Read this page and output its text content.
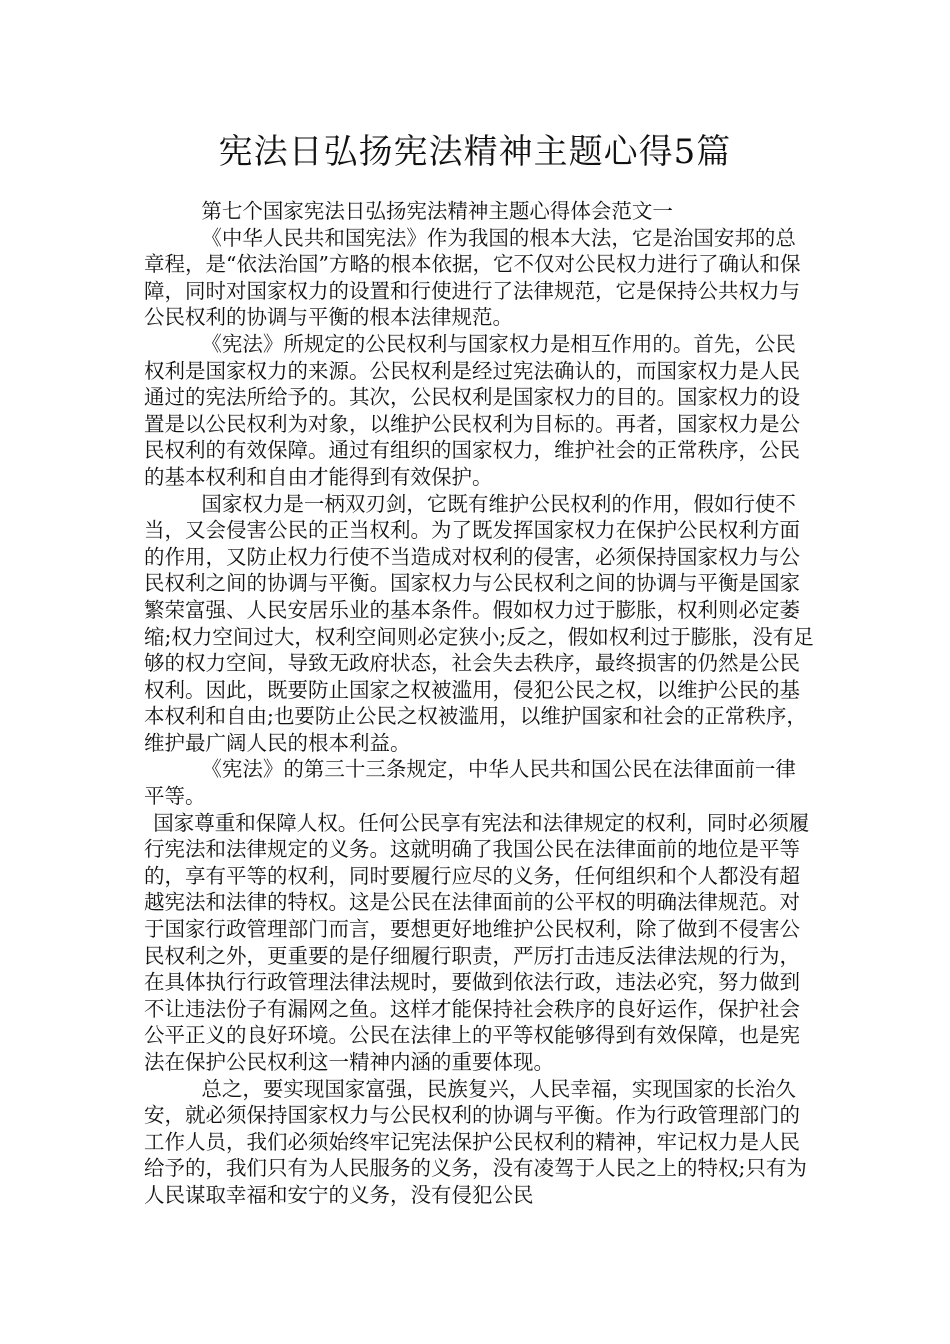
宪法日弘扬宪法精神主题心得5篇

第七个国家宪法日弘扬宪法精神主题心得体会范文一

《中华人民共和国宪法》作为我国的根本大法，它是治国安邦的总章程，是“依法治国”方略的根本依据，它不仅对公民权力进行了确认和保障，同时对国家权力的设置和行使进行了法律规范，它是保持公共权力与公民权利的协调与平衡的根本法律规范。

《宪法》所规定的公民权利与国家权力是相互作用的。首先，公民权利是国家权力的来源。公民权利是经过宪法确认的，而国家权力是人民通过的宪法所给予的。其次，公民权利是国家权力的目的。国家权力的设置是以公民权利为对象，以维护公民权利为目标的。再者，国家权力是公民权利的有效保障。通过有组织的国家权力，维护社会的正常秩序，公民的基本权利和自由才能得到有效保护。

国家权力是一柄双刃剑，它既有维护公民权利的作用，假如行使不当，又会侵害公民的正当权利。为了既发挥国家权力在保护公民权利方面的作用，又防止权力行使不当造成对权利的侵害，必须保持国家权力与公民权利之间的协调与平衡。国家权力与公民权利之间的协调与平衡是国家繁荣富强、人民安居乐业的基本条件。假如权力过于膨胀，权利则必定萎缩;权力空间过大，权利空间则必定狭小;反之，假如权利过于膨胀，没有足够的权力空间，导致无政府状态，社会失去秩序，最终损害的仍然是公民权利。因此，既要防止国家之权被滥用，侵犯公民之权，以维护公民的基本权利和自由;也要防止公民之权被滥用，以维护国家和社会的正常秩序，维护最广阔人民的根本利益。

《宪法》的第三十三条规定，中华人民共和国公民在法律面前一律平等。

国家尊重和保障人权。任何公民享有宪法和法律规定的权利，同时必须履行宪法和法律规定的义务。这就明确了我国公民在法律面前的地位是平等的，享有平等的权利，同时要履行应尽的义务，任何组织和个人都没有超越宪法和法律的特权。这是公民在法律面前的公平权的明确法律规范。对于国家行政管理部门而言，要想更好地维护公民权利，除了做到不侵害公民权利之外，更重要的是仔细履行职责，严厉打击违反法律法规的行为，在具体执行行政管理法律法规时，要做到依法行政，违法必究，努力做到不让违法份子有漏网之鱼。这样才能保持社会秩序的良好运作，保护社会公平正义的良好环境。公民在法律上的平等权能够得到有效保障，也是宪法在保护公民权利这一精神内涵的重要体现。

总之，要实现国家富强，民族复兴，人民幸福，实现国家的长治久安，就必须保持国家权力与公民权利的协调与平衡。作为行政管理部门的工作人员，我们必须始终牢记宪法保护公民权利的精神，牢记权力是人民给予的，我们只有为人民服务的义务，没有凌驾于人民之上的特权;只有为人民谋取幸福和安宁的义务，没有侵犯公民
